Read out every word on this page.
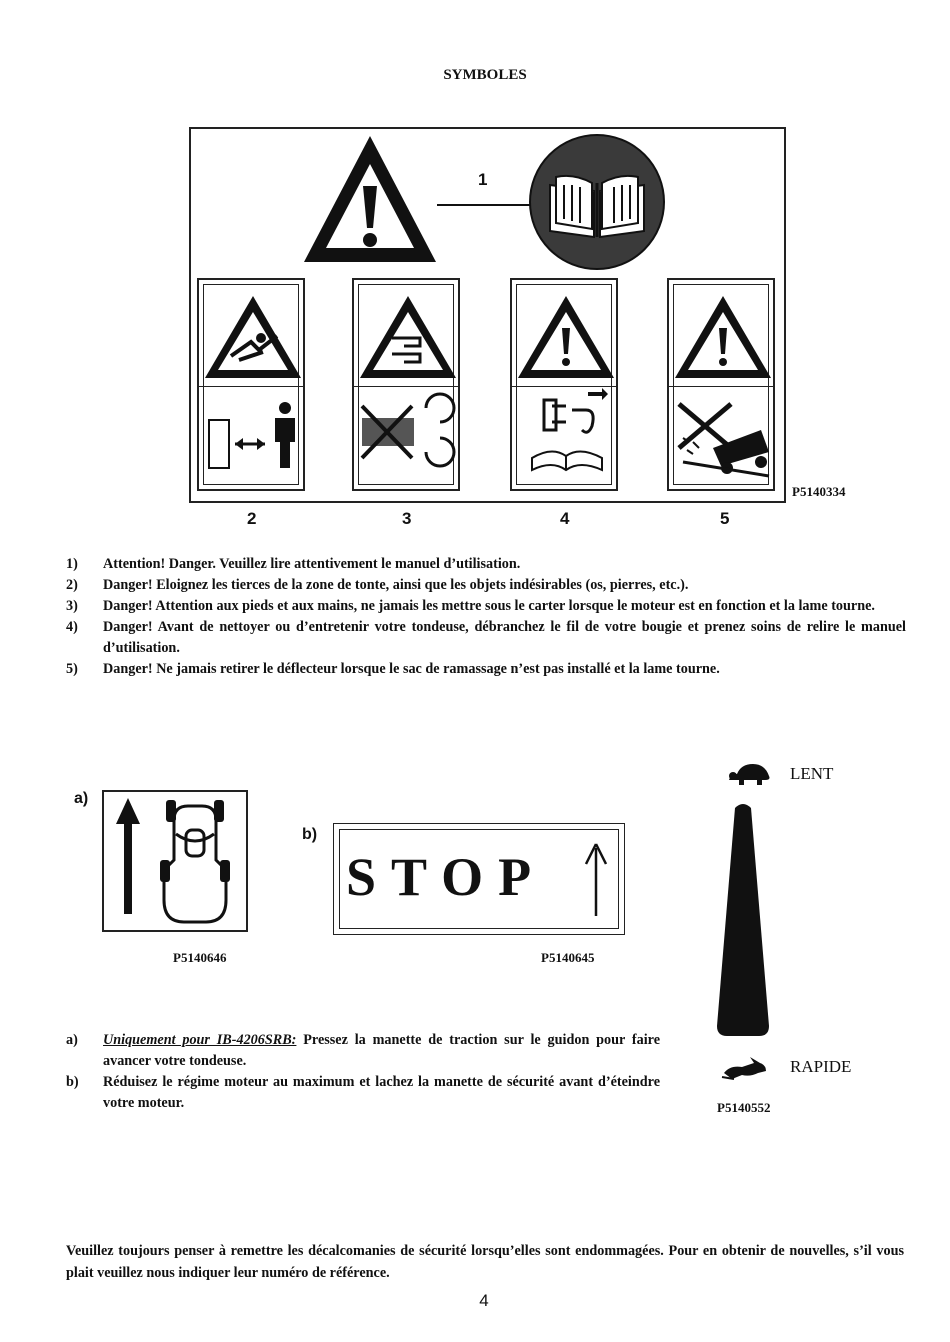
SYMBOLES
1
2	3	4	5
P5140334
1)	Attention! Danger. Veuillez lire attentivement le manuel d’utilisation.
2)	Danger! Eloignez les tierces de la zone de tonte, ainsi que les objets indésirables (os, pierres, etc.).
3)	Danger! Attention aux pieds et aux mains, ne jamais les mettre sous le carter lorsque le moteur est en fonction et la lame tourne.
4)	Danger! Avant de nettoyer ou d’entretenir votre tondeuse, débranchez le fil de votre bougie et prenez soins de relire le manuel d’utilisation.
5)	Danger! Ne jamais retirer le déflecteur lorsque le sac de ramassage n’est pas installé et la lame tourne.
a)
P5140646
b)
STOP
P5140645
LENT
RAPIDE
P5140552
a)	Uniquement pour IB-4206SRB: Pressez la manette de traction sur le guidon pour faire avancer votre tondeuse.
b)	Réduisez le régime moteur au maximum et lachez la manette de sécurité avant d’éteindre votre moteur.
Veuillez toujours penser à remettre les décalcomanies de sécurité lorsqu’elles sont endommagées. Pour en obtenir de nouvelles, s’il vous plait veuillez nous indiquer leur numéro de référence.
4
